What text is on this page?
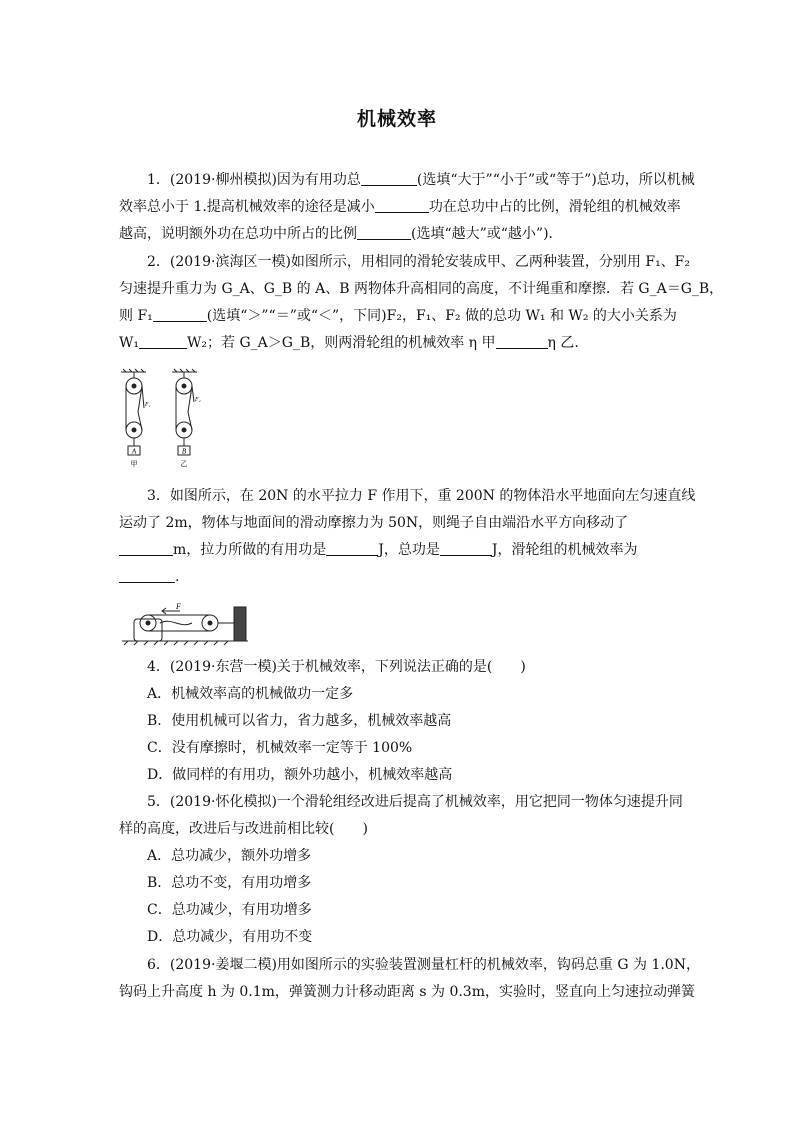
机械效率
1．(2019·柳州模拟)因为有用功总	(选填“大于”“小于”或“等于”)总功，所以机械
效率总小于 1.提高机械效率的途径是减小	功在总功中占的比例，滑轮组的机械效率
越高，说明额外功在总功中所占的比例	(选填“越大”或“越小”)．
2．(2019·滨海区一模)如图所示，用相同的滑轮安装成甲、乙两种装置，分别用 F₁、F₂
匀速提升重力为 G_A、G_B 的 A、B 两物体升高相同的高度，不计绳重和摩擦．若 G_A＝G_B，
则 F₁	(选填“＞”“＝”或“＜”，下同)F₂，F₁、F₂ 做的总功 W₁ 和 W₂ 的大小关系为
W₁	W₂；若 G_A＞G_B，则两滑轮组的机械效率 η 甲	η 乙.
A	B
甲	乙
F₁
F₂
3．如图所示，在 20N 的水平拉力 F 作用下，重 200N 的物体沿水平地面向左匀速直线
运动了 2m，物体与地面间的滑动摩擦力为 50N，则绳子自由端沿水平方向移动了
m，拉力所做的有用功是	J，总功是	J，滑轮组的机械效率为
.
F
4．(2019·东营一模)关于机械效率，下列说法正确的是(　　)
A．机械效率高的机械做功一定多
B．使用机械可以省力，省力越多，机械效率越高
C．没有摩擦时，机械效率一定等于 100%
D．做同样的有用功，额外功越小，机械效率越高
5．(2019·怀化模拟)一个滑轮组经改进后提高了机械效率，用它把同一物体匀速提升同
样的高度，改进后与改进前相比较(　　)
A．总功减少，额外功增多
B．总功不变，有用功增多
C．总功减少，有用功增多
D．总功减少，有用功不变
6．(2019·姜堰二模)用如图所示的实验装置测量杠杆的机械效率，钩码总重 G 为 1.0N，
钩码上升高度 h 为 0.1m，弹簧测力计移动距离 s 为 0.3m，实验时，竖直向上匀速拉动弹簧
